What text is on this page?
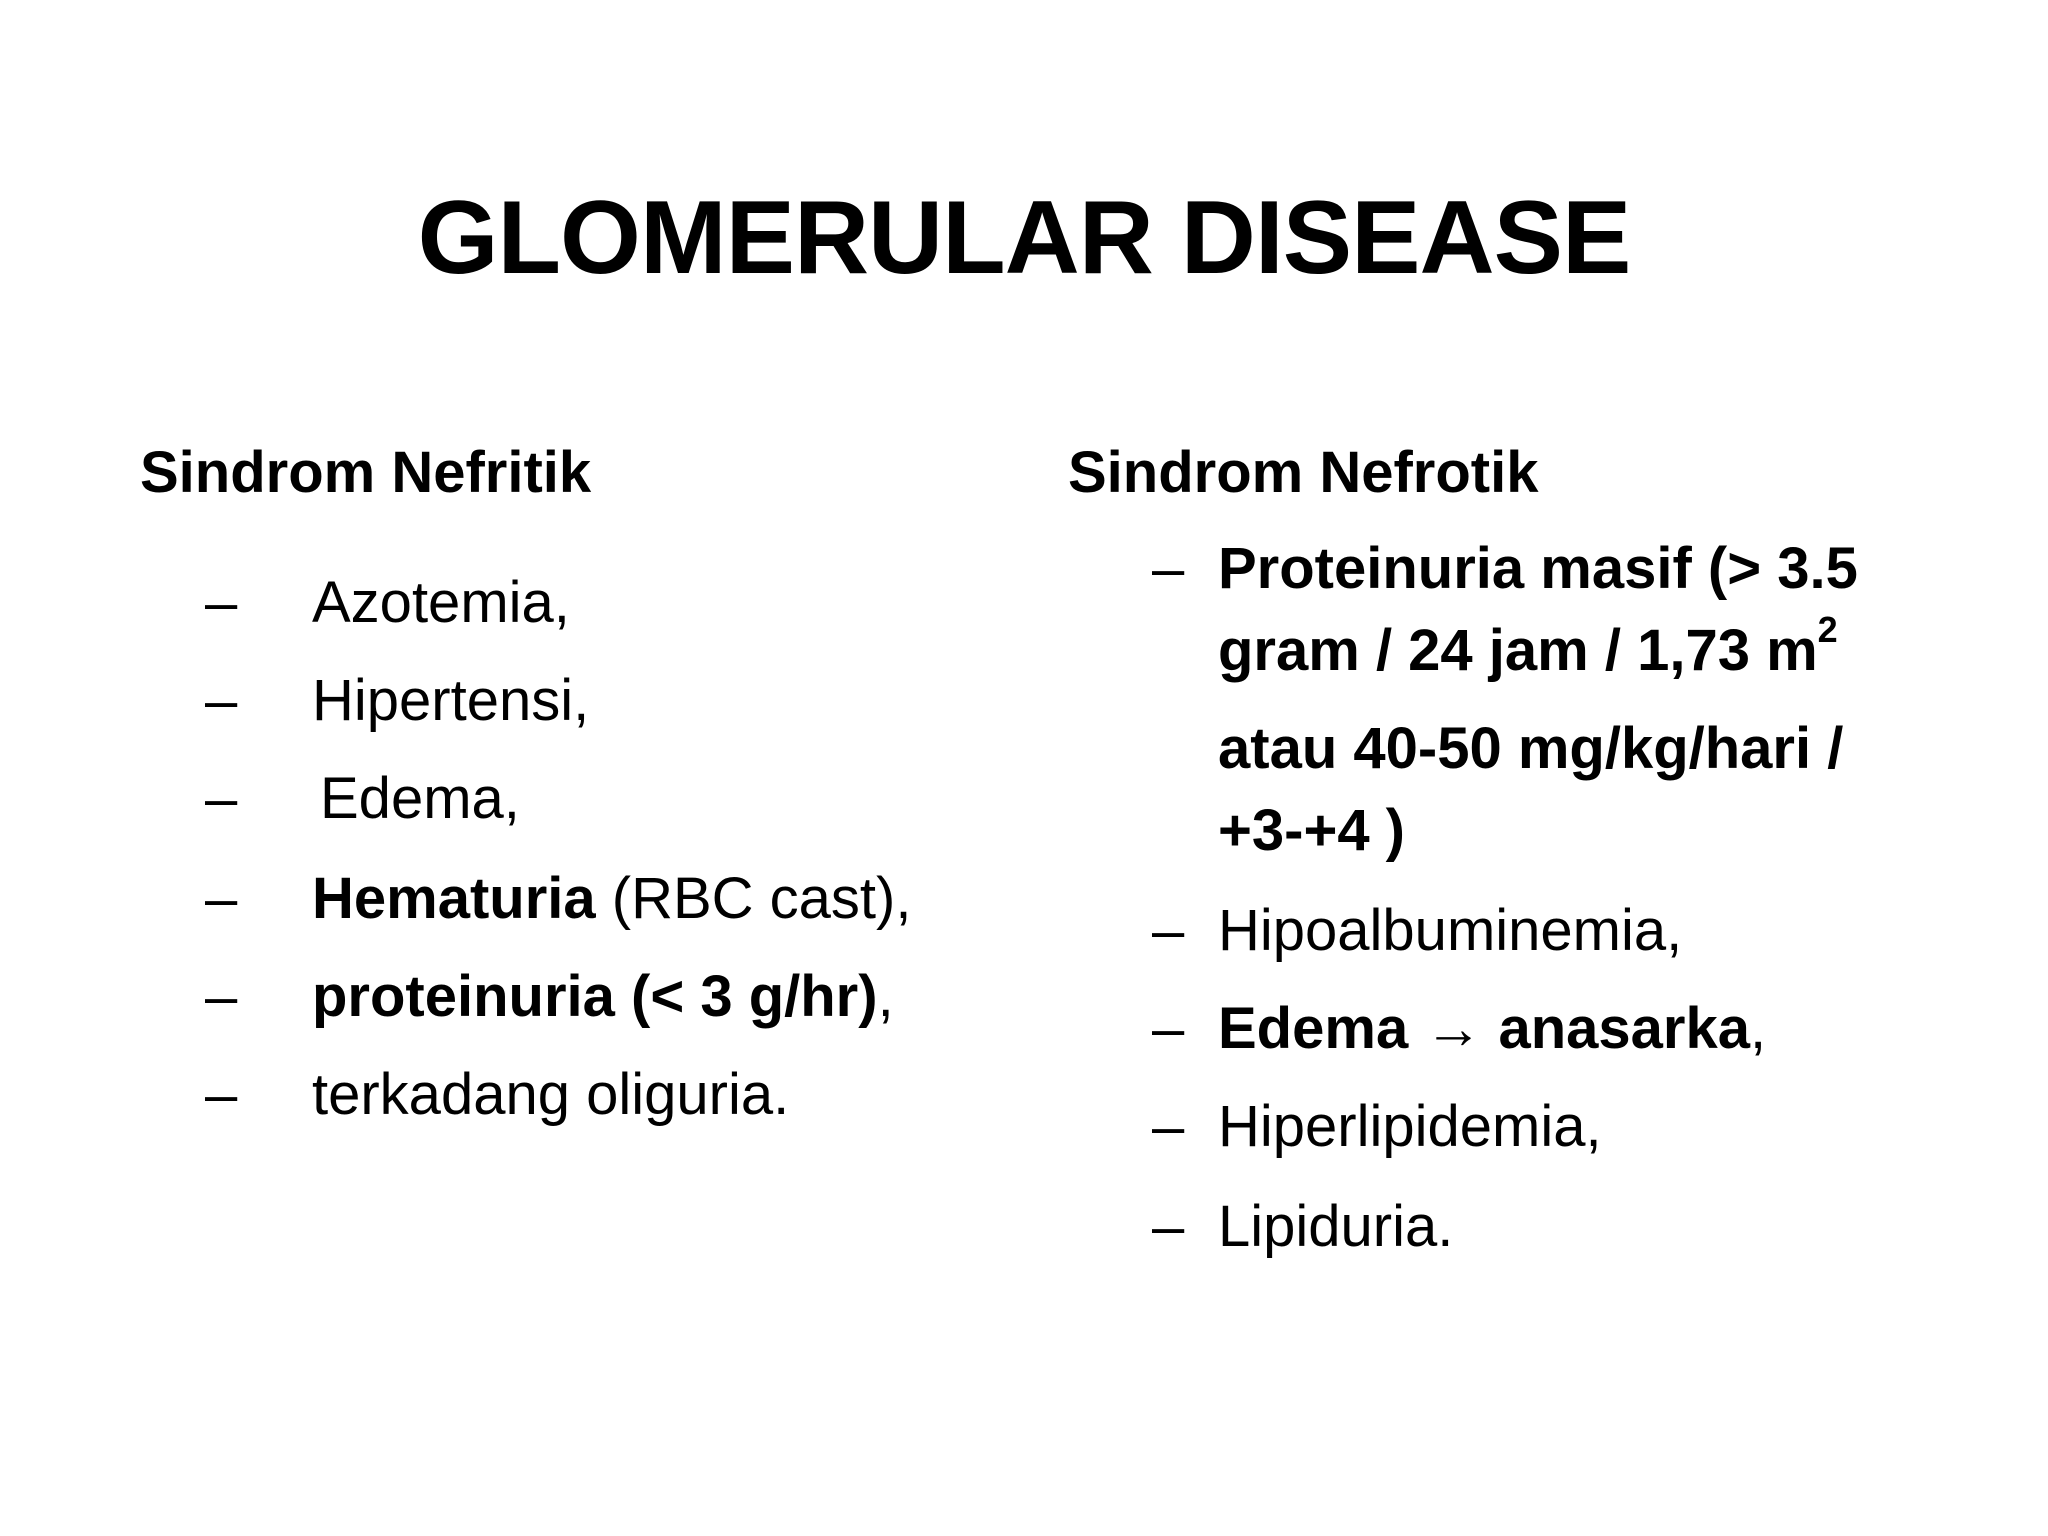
GLOMERULAR DISEASE
Sindrom Nefritik
– Azotemia,
– Hipertensi,
– Edema,
– Hematuria (RBC cast),
– proteinuria (< 3 g/hr),
– terkadang oliguria.
Sindrom Nefrotik
– Proteinuria masif (> 3.5
gram / 24 jam / 1,73 $m^2$
atau 40-50 mg/kg/hari /
+3-+4 )
– Hipoalbuminemia,
– Edema → anasarka,
– Hiperlipidemia,
– Lipiduria.
